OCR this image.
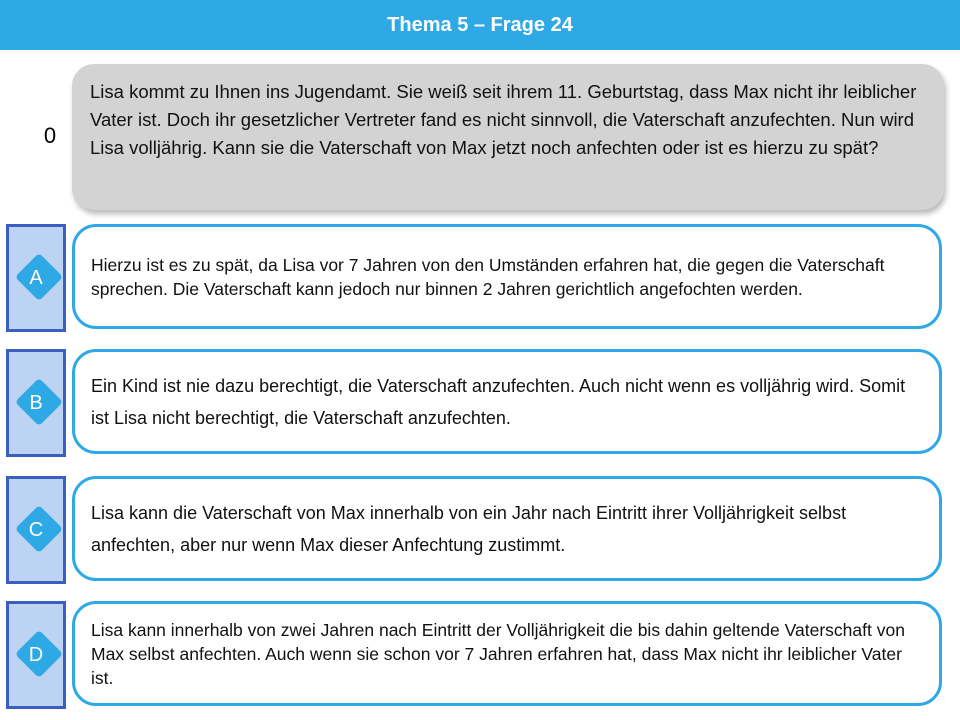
Thema 5 – Frage 24
0
Lisa kommt zu Ihnen ins Jugendamt. Sie weiß seit ihrem 11. Geburtstag, dass Max nicht ihr leiblicher Vater ist. Doch ihr gesetzlicher Vertreter fand es nicht sinnvoll, die Vaterschaft anzufechten. Nun wird Lisa volljährig. Kann sie die Vaterschaft von Max jetzt noch anfechten oder ist es hierzu zu spät?
A
Hierzu ist es zu spät, da Lisa vor 7 Jahren von den Umständen erfahren hat, die gegen die Vaterschaft sprechen. Die Vaterschaft kann jedoch nur binnen 2 Jahren gerichtlich angefochten werden.
B
Ein Kind ist nie dazu berechtigt, die Vaterschaft anzufechten. Auch nicht wenn es volljährig wird. Somit ist Lisa nicht berechtigt, die Vaterschaft anzufechten.
C
Lisa kann die Vaterschaft von Max innerhalb von ein Jahr nach Eintritt ihrer Volljährigkeit selbst anfechten, aber nur wenn Max dieser Anfechtung zustimmt.
D
Lisa kann innerhalb von zwei Jahren nach Eintritt der Volljährigkeit die bis dahin geltende Vaterschaft von Max selbst anfechten. Auch wenn sie schon vor 7 Jahren erfahren hat, dass Max nicht ihr leiblicher Vater ist.
